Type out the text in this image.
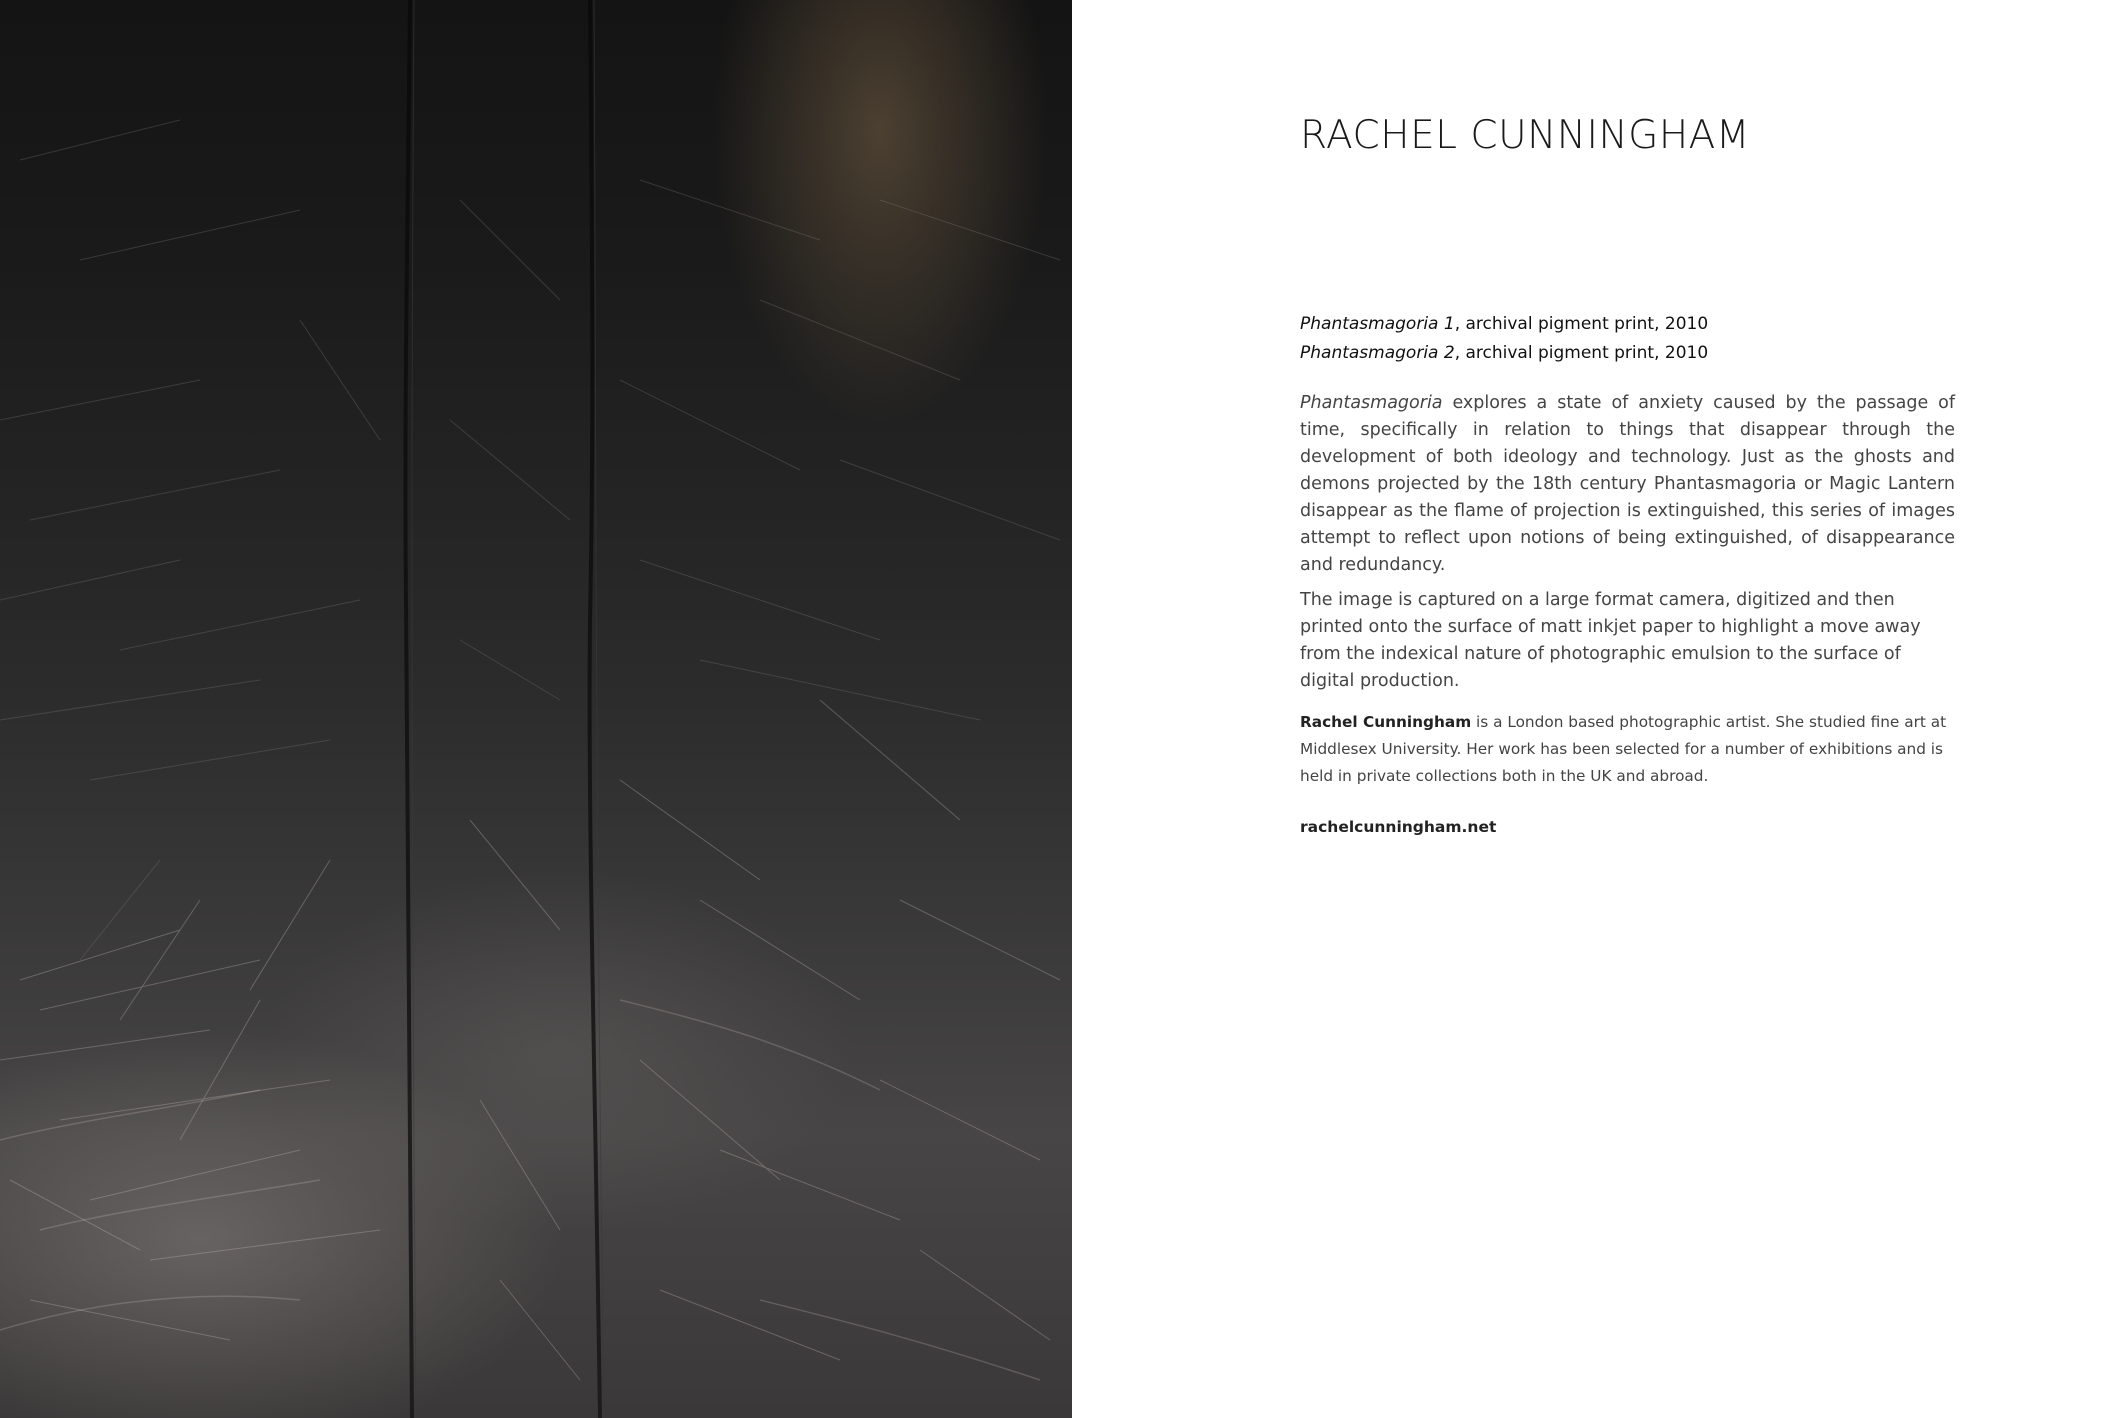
RACHEL CUNNINGHAM
Phantasmagoria 1, archival pigment print, 2010
Phantasmagoria 2, archival pigment print, 2010

Phantasmagoria explores a state of anxiety caused by the passage of time, specifically in relation to things that disappear through the development of both ideology and technology. Just as the ghosts and demons projected by the 18th century Phantasmagoria or Magic Lantern disappear as the flame of projection is extinguished, this series of images attempt to reflect upon notions of being extinguished, of disappearance and redundancy.

The image is captured on a large format camera, digitized and then printed onto the surface of matt inkjet paper to highlight a move away from the indexical nature of photographic emulsion to the surface of digital production.

Rachel Cunningham is a London based photographic artist. She studied fine art at Middlesex University. Her work has been selected for a number of exhibitions and is held in private collections both in the UK and abroad.
rachelcunningham.net
